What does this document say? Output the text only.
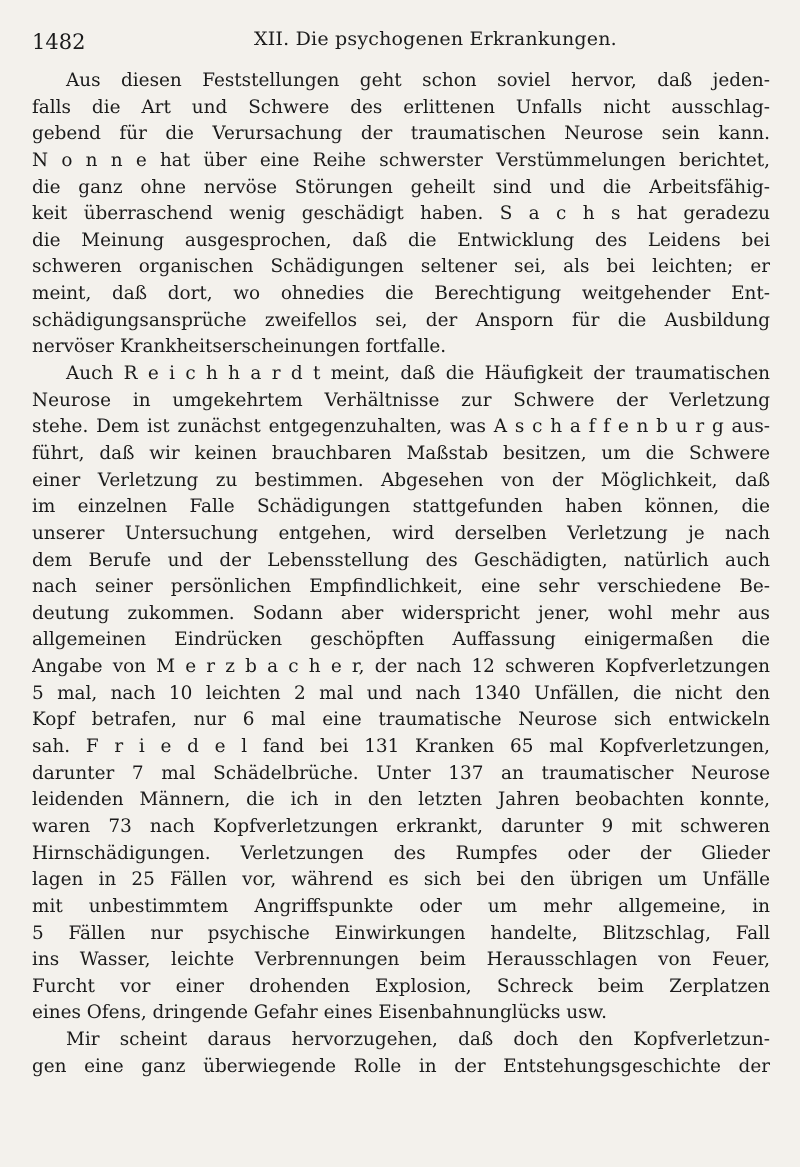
1482	XII. Die psychogenen Erkrankungen.
Aus diesen Feststellungen geht schon soviel hervor, daß jeden-
falls die Art und Schwere des erlittenen Unfalls nicht ausschlag-
gebend für die Verursachung der traumatischen Neurose sein kann.
N o n n e hat über eine Reihe schwerster Verstümmelungen berichtet,
die ganz ohne nervöse Störungen geheilt sind und die Arbeitsfähig-
keit überraschend wenig geschädigt haben. S a c h s hat geradezu
die Meinung ausgesprochen, daß die Entwicklung des Leidens bei
schweren organischen Schädigungen seltener sei, als bei leichten; er
meint, daß dort, wo ohnedies die Berechtigung weitgehender Ent-
schädigungsansprüche zweifellos sei, der Ansporn für die Ausbildung
nervöser Krankheitserscheinungen fortfalle.
Auch R e i c h h a r d t meint, daß die Häufigkeit der traumatischen
Neurose in umgekehrtem Verhältnisse zur Schwere der Verletzung
stehe. Dem ist zunächst entgegenzuhalten, was A s c h a f f e n b u r g aus-
führt, daß wir keinen brauchbaren Maßstab besitzen, um die Schwere
einer Verletzung zu bestimmen. Abgesehen von der Möglichkeit, daß
im einzelnen Falle Schädigungen stattgefunden haben können, die
unserer Untersuchung entgehen, wird derselben Verletzung je nach
dem Berufe und der Lebensstellung des Geschädigten, natürlich auch
nach seiner persönlichen Empfindlichkeit, eine sehr verschiedene Be-
deutung zukommen. Sodann aber widerspricht jener, wohl mehr aus
allgemeinen Eindrücken geschöpften Auffassung einigermaßen die
Angabe von M e r z b a c h e r, der nach 12 schweren Kopfverletzungen
5 mal, nach 10 leichten 2 mal und nach 1340 Unfällen, die nicht den
Kopf betrafen, nur 6 mal eine traumatische Neurose sich entwickeln
sah. F r i e d e l fand bei 131 Kranken 65 mal Kopfverletzungen,
darunter 7 mal Schädelbrüche. Unter 137 an traumatischer Neurose
leidenden Männern, die ich in den letzten Jahren beobachten konnte,
waren 73 nach Kopfverletzungen erkrankt, darunter 9 mit schweren
Hirnschädigungen. Verletzungen des Rumpfes oder der Glieder
lagen in 25 Fällen vor, während es sich bei den übrigen um Unfälle
mit unbestimmtem Angriffspunkte oder um mehr allgemeine, in
5 Fällen nur psychische Einwirkungen handelte, Blitzschlag, Fall
ins Wasser, leichte Verbrennungen beim Herausschlagen von Feuer,
Furcht vor einer drohenden Explosion, Schreck beim Zerplatzen
eines Ofens, dringende Gefahr eines Eisenbahnunglücks usw.
Mir scheint daraus hervorzugehen, daß doch den Kopfverletzun-
gen eine ganz überwiegende Rolle in der Entstehungsgeschichte der
